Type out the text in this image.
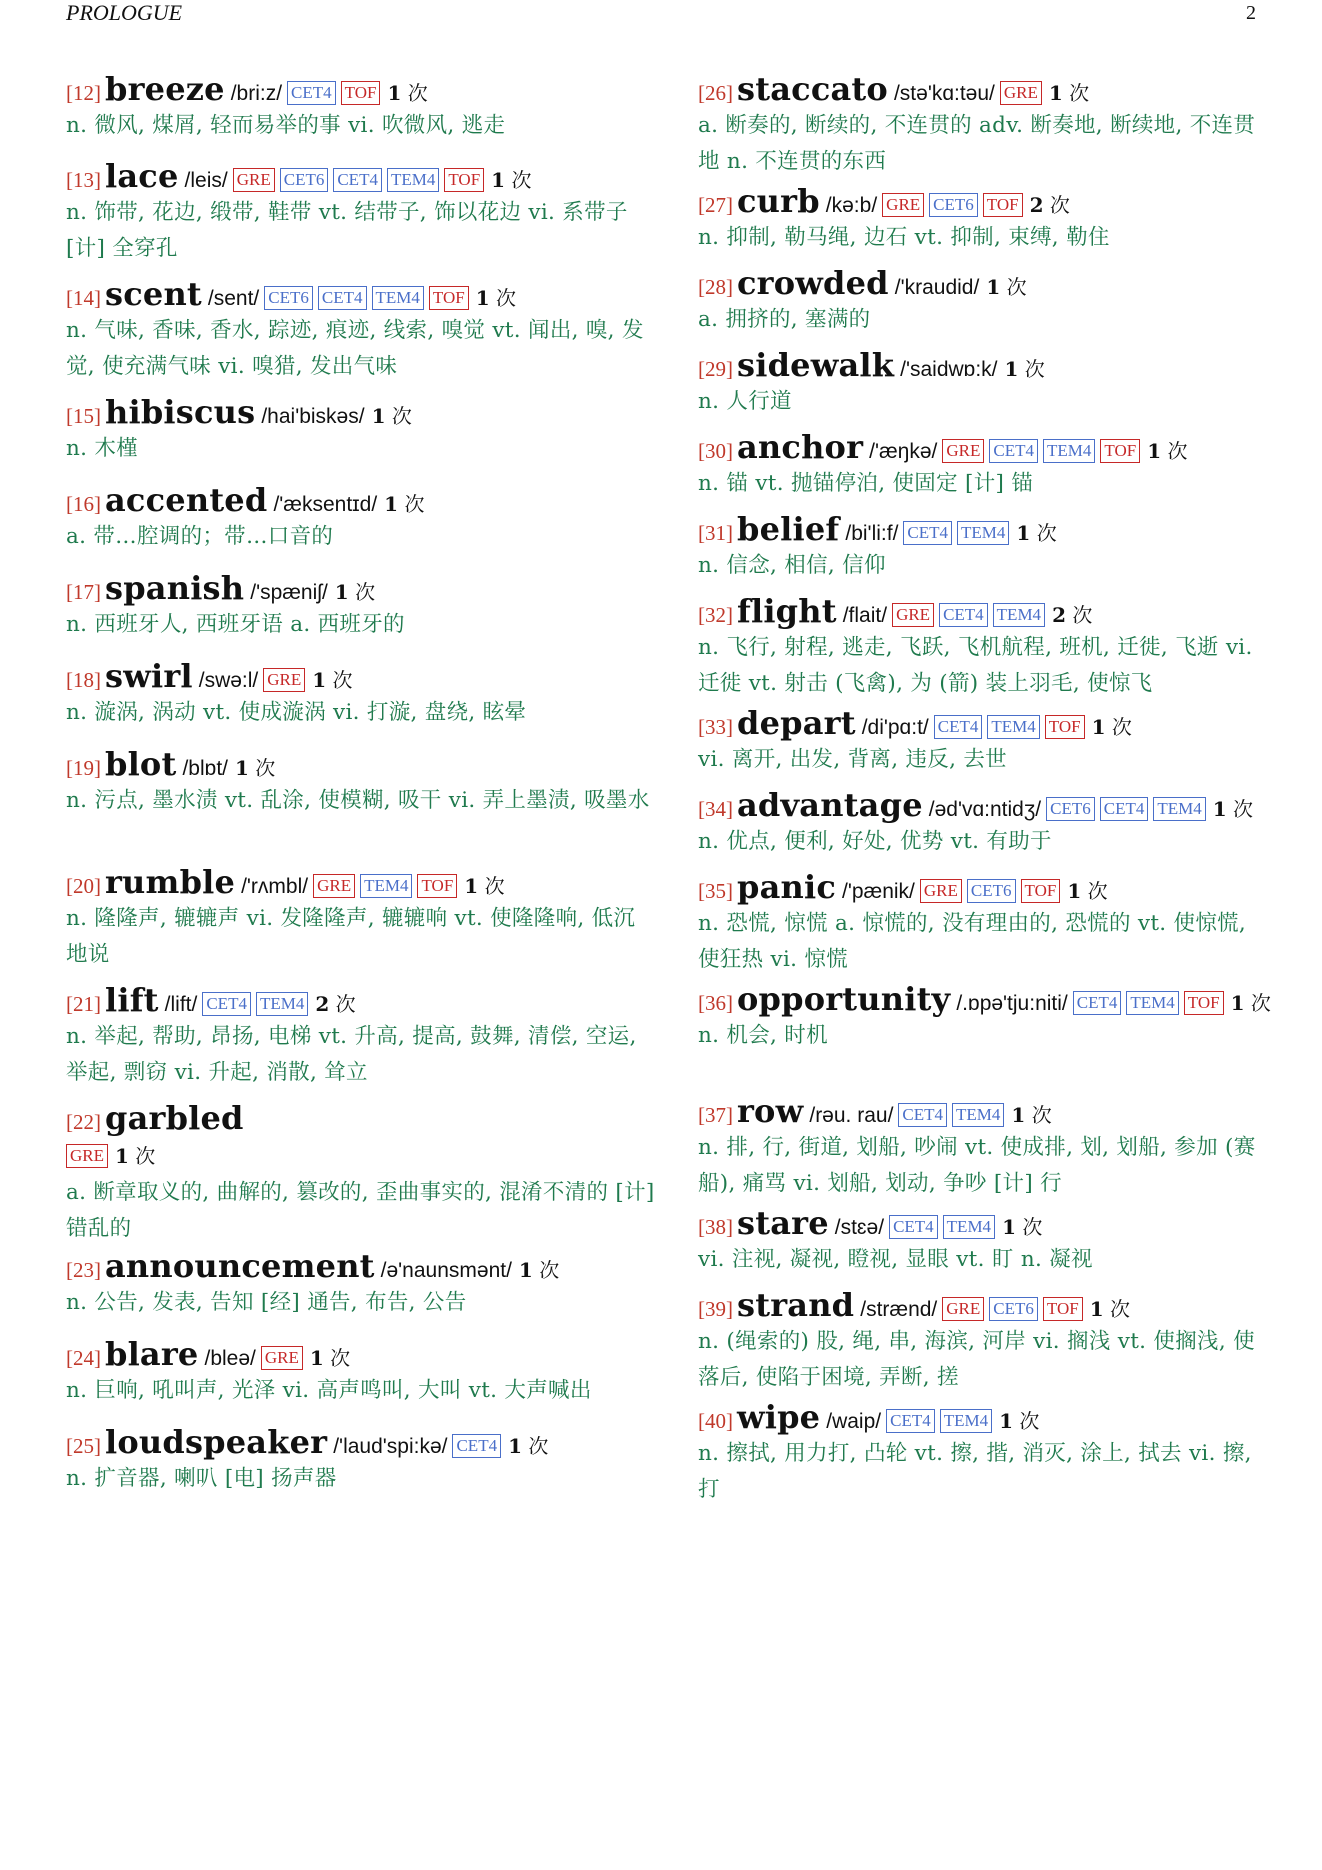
PROLOGUE	2
[12] breeze /bri:z/ CET4 TOF 1 次
n. 微风, 煤屑, 轻而易举的事 vi. 吹微风, 逃走
[13] lace /leis/ GRE CET6 CET4 TEM4 TOF 1 次
n. 饰带, 花边, 缎带, 鞋带 vt. 结带子, 饰以花边 vi. 系带子 [计] 全穿孔
[14] scent /sent/ CET6 CET4 TEM4 TOF 1 次
n. 气味, 香味, 香水, 踪迹, 痕迹, 线索, 嗅觉 vt. 闻出, 嗅, 发觉, 使充满气味 vi. 嗅猎, 发出气味
[15] hibiscus /hai'biskəs/ 1 次
n. 木槿
[16] accented /'æksentɪd/ 1 次
a. 带…腔调的；带…口音的
[17] spanish /'spæniʃ/ 1 次
n. 西班牙人, 西班牙语 a. 西班牙的
[18] swirl /swə:l/ GRE 1 次
n. 漩涡, 涡动 vt. 使成漩涡 vi. 打漩, 盘绕, 眩晕
[19] blot /blɒt/ 1 次
n. 污点, 墨水渍 vt. 乱涂, 使模糊, 吸干 vi. 弄上墨渍, 吸墨水
[20] rumble /'rʌmbl/ GRE TEM4 TOF 1 次
n. 隆隆声, 辘辘声 vi. 发隆隆声, 辘辘响 vt. 使隆隆响, 低沉地说
[21] lift /lift/ CET4 TEM4 2 次
n. 举起, 帮助, 昂扬, 电梯 vt. 升高, 提高, 鼓舞, 清偿, 空运, 举起, 剽窃 vi. 升起, 消散, 耸立
[22] garbled
GRE 1 次
a. 断章取义的, 曲解的, 篡改的, 歪曲事实的, 混淆不清的 [计] 错乱的
[23] announcement /ə'naunsmənt/ 1 次
n. 公告, 发表, 告知 [经] 通告, 布告, 公告
[24] blare /bleə/ GRE 1 次
n. 巨响, 吼叫声, 光泽 vi. 高声鸣叫, 大叫 vt. 大声喊出
[25] loudspeaker /'laud'spi:kə/ CET4 1 次
n. 扩音器, 喇叭 [电] 扬声器
[26] staccato /stə'kɑ:təu/ GRE 1 次
a. 断奏的, 断续的, 不连贯的 adv. 断奏地, 断续地, 不连贯地 n. 不连贯的东西
[27] curb /kə:b/ GRE CET6 TOF 2 次
n. 抑制, 勒马绳, 边石 vt. 抑制, 束缚, 勒住
[28] crowded /'kraudid/ 1 次
a. 拥挤的, 塞满的
[29] sidewalk /'saidwɒ:k/ 1 次
n. 人行道
[30] anchor /'æŋkə/ GRE CET4 TEM4 TOF 1 次
n. 锚 vt. 抛锚停泊, 使固定 [计] 锚
[31] belief /bi'li:f/ CET4 TEM4 1 次
n. 信念, 相信, 信仰
[32] flight /flait/ GRE CET4 TEM4 2 次
n. 飞行, 射程, 逃走, 飞跃, 飞机航程, 班机, 迁徙, 飞逝 vi. 迁徙 vt. 射击 (飞禽), 为 (箭) 装上羽毛, 使惊飞
[33] depart /di'pɑ:t/ CET4 TEM4 TOF 1 次
vi. 离开, 出发, 背离, 违反, 去世
[34] advantage /əd'vɑ:ntidʒ/ CET6 CET4 TEM4 1 次
n. 优点, 便利, 好处, 优势 vt. 有助于
[35] panic /'pænik/ GRE CET6 TOF 1 次
n. 恐慌, 惊慌 a. 惊慌的, 没有理由的, 恐慌的 vt. 使惊慌, 使狂热 vi. 惊慌
[36] opportunity /.ɒpə'tju:niti/ CET4 TEM4 TOF 1 次
n. 机会, 时机
[37] row /rəu. rau/ CET4 TEM4 1 次
n. 排, 行, 街道, 划船, 吵闹 vt. 使成排, 划, 划船, 参加 (赛船), 痛骂 vi. 划船, 划动, 争吵 [计] 行
[38] stare /stɛə/ CET4 TEM4 1 次
vi. 注视, 凝视, 瞪视, 显眼 vt. 盯 n. 凝视
[39] strand /strænd/ GRE CET6 TOF 1 次
n. (绳索的) 股, 绳, 串, 海滨, 河岸 vi. 搁浅 vt. 使搁浅, 使落后, 使陷于困境, 弄断, 搓
[40] wipe /waip/ CET4 TEM4 1 次
n. 擦拭, 用力打, 凸轮 vt. 擦, 揩, 消灭, 涂上, 拭去 vi. 擦, 打
